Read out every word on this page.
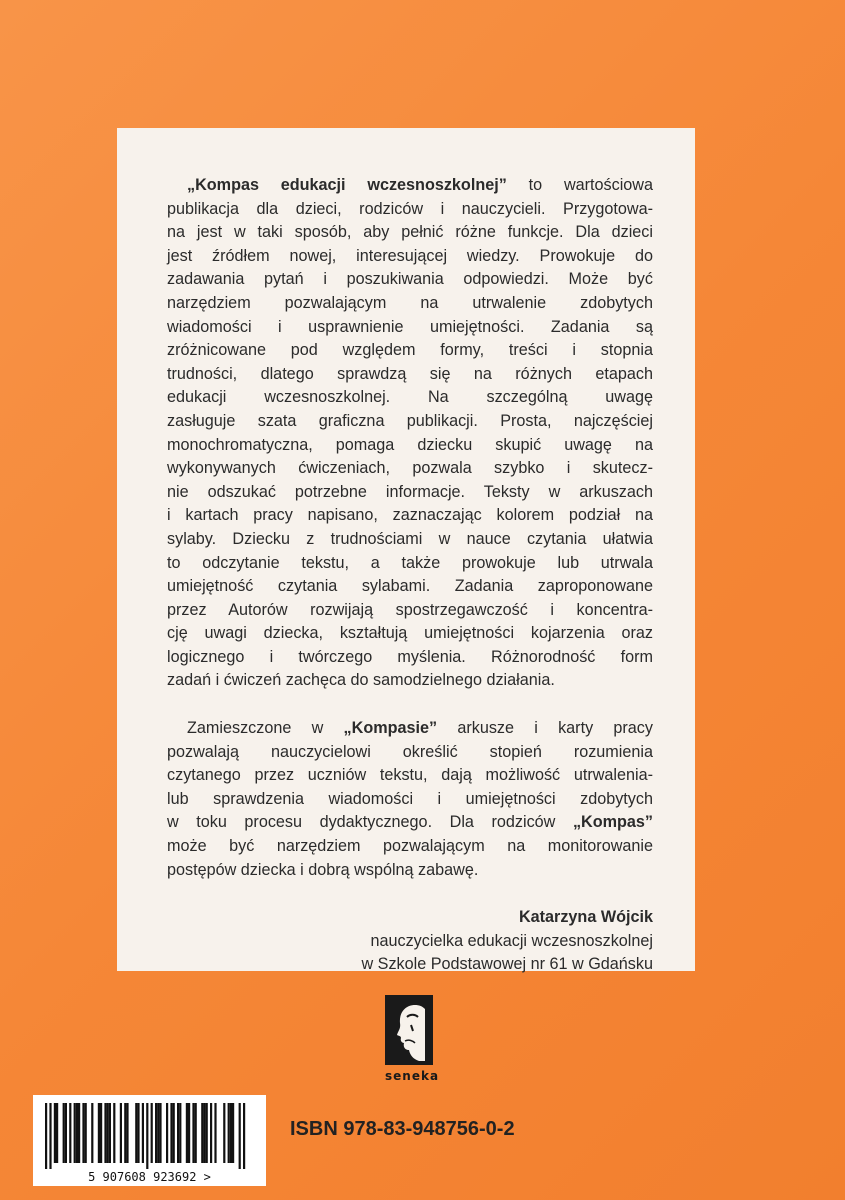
„Kompas edukacji wczesnoszkolnej” to wartościowa
publikacja dla dzieci, rodziców i nauczycieli. Przygotowa-
na jest w taki sposób, aby pełnić różne funkcje. Dla dzieci
jest źródłem nowej, interesującej wiedzy. Prowokuje do
zadawania pytań i poszukiwania odpowiedzi. Może być
narzędziem pozwalającym na utrwalenie zdobytych
wiadomości i usprawnienie umiejętności. Zadania są
zróżnicowane pod względem formy, treści i stopnia
trudności, dlatego sprawdzą się na różnych etapach
edukacji wczesnoszkolnej. Na szczególną uwagę
zasługuje szata graficzna publikacji. Prosta, najczęściej
monochromatyczna, pomaga dziecku skupić uwagę na
wykonywanych ćwiczeniach, pozwala szybko i skutecz-
nie odszukać potrzebne informacje. Teksty w arkuszach
i kartach pracy napisano, zaznaczając kolorem podział na
sylaby. Dziecku z trudnościami w nauce czytania ułatwia
to odczytanie tekstu, a także prowokuje lub utrwala
umiejętność czytania sylabami. Zadania zaproponowane
przez Autorów rozwijają spostrzegawczość i koncentra-
cję uwagi dziecka, kształtują umiejętności kojarzenia oraz
logicznego i twórczego myślenia. Różnorodność form
zadań i ćwiczeń zachęca do samodzielnego działania.
Zamieszczone w „Kompasie” arkusze i karty pracy
pozwalają nauczycielowi określić stopień rozumienia
czytanego przez uczniów tekstu, dają możliwość utrwalenia-
lub sprawdzenia wiadomości i umiejętności zdobytych
w toku procesu dydaktycznego. Dla rodziców „Kompas”
może być narzędziem pozwalającym na monitorowanie
postępów dziecka i dobrą wspólną zabawę.
Katarzyna Wójcik
nauczycielka edukacji wczesnoszkolnej
w Szkole Podstawowej nr 61 w Gdańsku
seneka
5 907608 923692 >
ISBN 978-83-948756-0-2
